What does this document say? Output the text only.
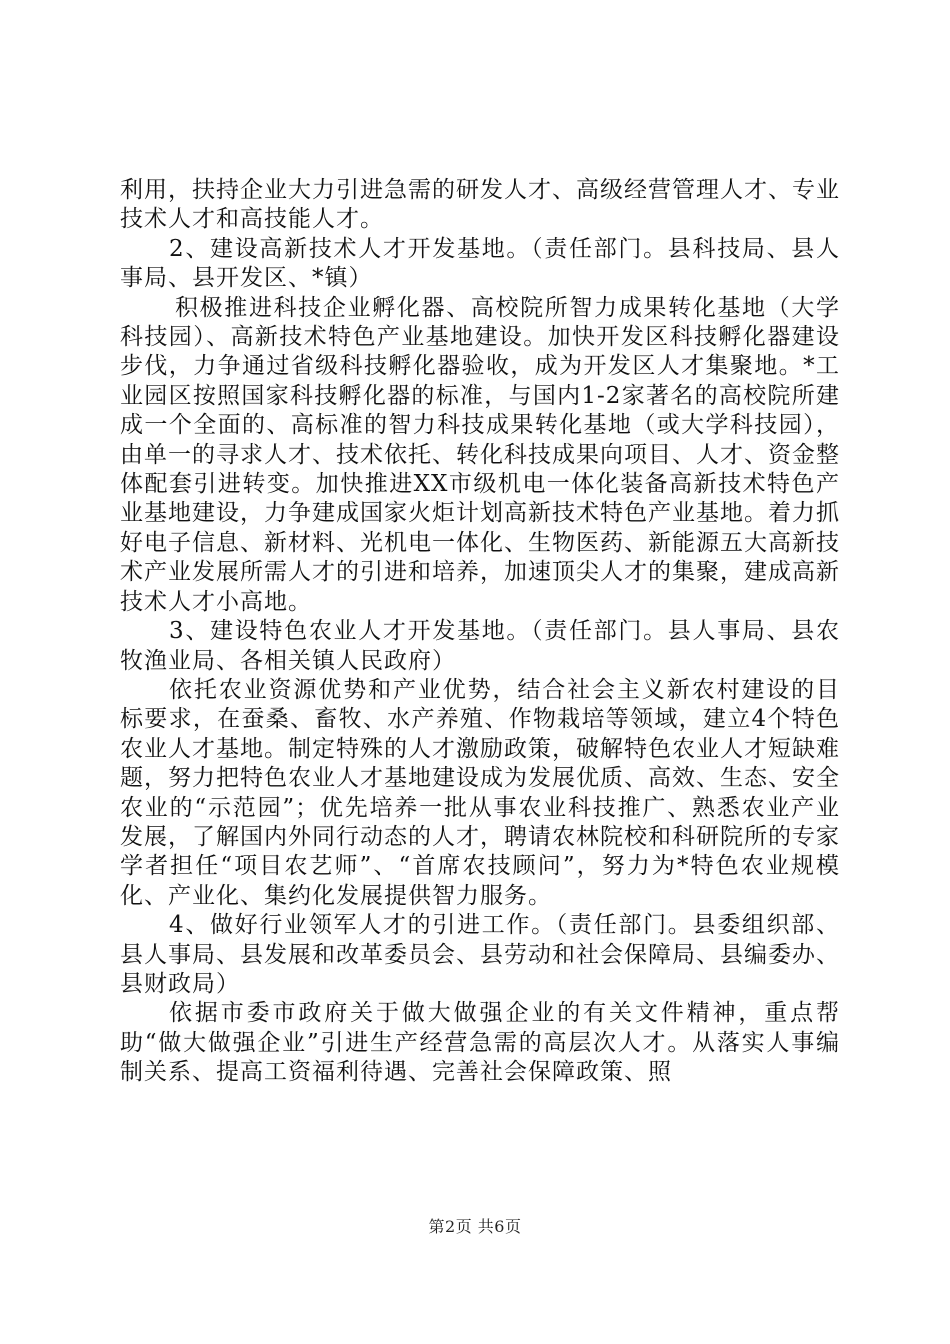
利用，扶持企业大力引进急需的研发人才、高级经营管理人才、专业技术人才和高技能人才。

2、建设高新技术人才开发基地。（责任部门。县科技局、县人事局、县开发区、*镇）

积极推进科技企业孵化器、高校院所智力成果转化基地（大学科技园）、高新技术特色产业基地建设。加快开发区科技孵化器建设步伐，力争通过省级科技孵化器验收，成为开发区人才集聚地。*工业园区按照国家科技孵化器的标准，与国内1-2家著名的高校院所建成一个全面的、高标准的智力科技成果转化基地（或大学科技园），由单一的寻求人才、技术依托、转化科技成果向项目、人才、资金整体配套引进转变。加快推进XX市级机电一体化装备高新技术特色产业基地建设，力争建成国家火炬计划高新技术特色产业基地。着力抓好电子信息、新材料、光机电一体化、生物医药、新能源五大高新技术产业发展所需人才的引进和培养，加速顶尖人才的集聚，建成高新技术人才小高地。

3、建设特色农业人才开发基地。（责任部门。县人事局、县农牧渔业局、各相关镇人民政府）

依托农业资源优势和产业优势，结合社会主义新农村建设的目标要求，在蚕桑、畜牧、水产养殖、作物栽培等领域，建立4个特色农业人才基地。制定特殊的人才激励政策，破解特色农业人才短缺难题，努力把特色农业人才基地建设成为发展优质、高效、生态、安全农业的“示范园”；优先培养一批从事农业科技推广、熟悉农业产业发展，了解国内外同行动态的人才，聘请农林院校和科研院所的专家学者担任“项目农艺师”、“首席农技顾问”，努力为*特色农业规模化、产业化、集约化发展提供智力服务。

4、做好行业领军人才的引进工作。（责任部门。县委组织部、县人事局、县发展和改革委员会、县劳动和社会保障局、县编委办、县财政局）

依据市委市政府关于做大做强企业的有关文件精神，重点帮助“做大做强企业”引进生产经营急需的高层次人才。从落实人事编制关系、提高工资福利待遇、完善社会保障政策、照

第2页 共6页
